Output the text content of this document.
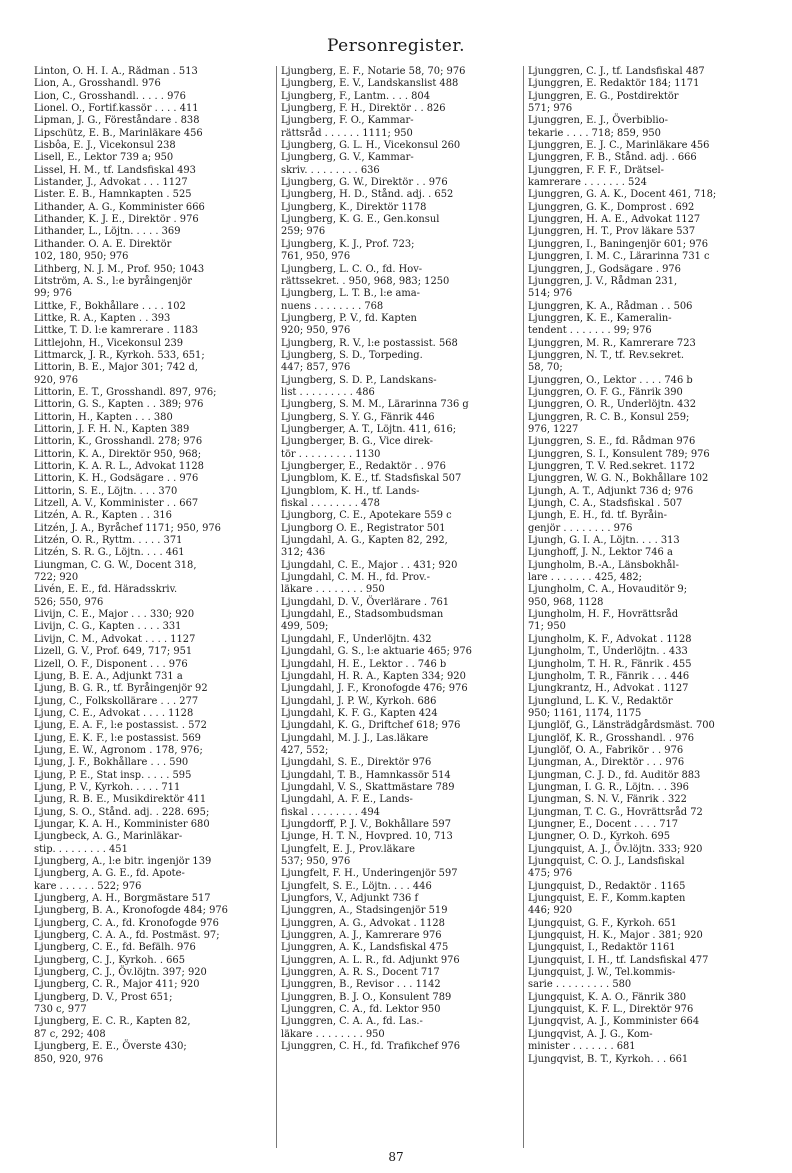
Personregister.
Linton, O. H. I. A., Rådman . 513
Lion, A., Grosshandl. 976
Lion, C., Grosshandl. . . . . 976
Lionel. O., Fortif.kassör . . . . 411
Lipman, J. G., Föreståndare . 838
Lipschütz, E. B., Marinläkare 456
Lisbôa, E. J., Vicekonsul 238
Lisell, E., Lektor 739 a; 950
Lissel, H. M., tf. Landsfiskal 493
Listander, J., Advokat . . . 1127
Lister. E. B., Hamnkapten . 525
Lithander, A. G., Komminister 666
Lithander, K. J. E., Direktör . 976
Lithander, L., Löjtn. . . . . 369
Lithander. O. A. E. Direktör
102, 180, 950; 976
Lithberg, N. J. M., Prof. 950; 1043
Litström, A. S., l:e byråingenjör
99; 976
Littke, F., Bokhållare . . . . 102
Littke, R. A., Kapten . . 393
Littke, T. D. l:e kamrerare . 1183
Littlejohn, H., Vicekonsul 239
Littmarck, J. R., Kyrkoh. 533, 651;
Littorin, B. E., Major 301; 742 d,
920, 976
Littorin, E. T., Grosshandl. 897, 976;
Littorin, G. S., Kapten . . 389; 976
Littorin, H., Kapten . . . 380
Littorin, J. F. H. N., Kapten 389
Littorin, K., Grosshandl. 278; 976
Littorin, K. A., Direktör 950, 968;
Littorin, K. A. R. L., Advokat 1128
Littorin, K. H., Godsägare . . 976
Littorin, S. E., Löjtn. . . . 370
Litzell, A. V., Komminister . . 667
Litzén, A. R., Kapten . . 316
Litzén, J. A., Byråchef 1171; 950, 976
Litzén, O. R., Ryttm. . . . . 371
Litzén, S. R. G., Löjtn. . . . 461
Liungman, C. G. W., Docent 318,
722; 920
Livén, E. E., fd. Häradsskriv.
526; 550, 976
Livijn, C. E., Major . . . 330; 920
Livijn, C. G., Kapten . . . . 331
Livijn, C. M., Advokat . . . . 1127
Lizell, G. V., Prof. 649, 717; 951
Lizell, O. F., Disponent . . . 976
Ljung, B. E. A., Adjunkt 731 a
Ljung, B. G. R., tf. Byråingenjör 92
Ljung, C., Folkskollärare . . . 277
Ljung, C. E., Advokat . . . . 1128
Ljung, E. A. F., l:e postassist. . 572
Ljung, E. K. F., l:e postassist. 569
Ljung, E. W., Agronom . 178, 976;
Ljung, J. F., Bokhållare . . . 590
Ljung, P. E., Stat insp. . . . . 595
Ljung, P. V., Kyrkoh. . . . . 711
Ljung, R. B. E., Musikdirektör 411
Ljung, S. O., Stånd. adj. . 228. 695;
Ljungar, K. A. H., Komminister 680
Ljungbeck, A. G., Marinläkar-
stip. . . . . . . . . 451
Ljungberg, A., l:e bitr. ingenjör 139
Ljungberg, A. G. E., fd. Apote-
kare . . . . . . 522; 976
Ljungberg, A. H., Borgmästare 517
Ljungberg, B. A., Kronofogde 484; 976
Ljungberg, C. A., fd. Kronofogde 976
Ljungberg, C. A. A., fd. Postmäst. 97;
Ljungberg, C. E., fd. Befälh. 976
Ljungberg, C. J., Kyrkoh. . 665
Ljungberg, C. J., Öv.löjtn. 397; 920
Ljungberg, C. R., Major 411; 920
Ljungberg, D. V., Prost 651;
730 c, 977
Ljungberg, E. C. R., Kapten 82,
87 c, 292; 408
Ljungberg, E. E., Överste 430;
850, 920, 976
Ljungberg, E. F., Notarie 58, 70; 976
Ljungberg, E. V., Landskanslist 488
Ljungberg, F., Lantm. . . . 804
Ljungberg, F. H., Direktör . . 826
Ljungberg, F. O., Kammar-
rättsråd . . . . . . 1111; 950
Ljungberg, G. L. H., Vicekonsul 260
Ljungberg, G. V., Kammar-
skriv. . . . . . . . . 636
Ljungberg, G. W., Direktör . . 976
Ljungberg, H. D., Stånd. adj. . 652
Ljungberg, K., Direktör 1178
Ljungberg, K. G. E., Gen.konsul
259; 976
Ljungberg, K. J., Prof. 723;
761, 950, 976
Ljungberg, L. C. O., fd. Hov-
rättssekret. . 950, 968, 983; 1250
Ljungberg, L. T. B., l:e ama-
nuens . . . . . . . . 768
Ljungberg, P. V., fd. Kapten
920; 950, 976
Ljungberg, R. V., l:e postassist. 568
Ljungberg, S. D., Torpeding.
447; 857, 976
Ljungberg, S. D. P., Landskans-
list . . . . . . . . . 486
Ljungberg, S. M. M., Lärarinna 736 g
Ljungberg, S. Y. G., Fänrik 446
Ljungberger, A. T., Löjtn. 411, 616;
Ljungberger, B. G., Vice direk-
tör . . . . . . . . . 1130
Ljungberger, E., Redaktör . . 976
Ljungblom, K. E., tf. Stadsfiskal 507
Ljungblom, K. H., tf. Lands-
fiskal . . . . . . . . 478
Ljungborg, C. E., Apotekare 559 c
Ljungborg O. E., Registrator 501
Ljungdahl, A. G., Kapten 82, 292,
312; 436
Ljungdahl, C. E., Major . . 431; 920
Ljungdahl, C. M. H., fd. Prov.-
läkare . . . . . . . . 950
Ljungdahl, D. V., Överlärare . 761
Ljungdahl, E., Stadsombudsman
499, 509;
Ljungdahl, F., Underlöjtn. 432
Ljungdahl, G. S., l:e aktuarie 465; 976
Ljungdahl, H. E., Lektor . . 746 b
Ljungdahl, H. R. A., Kapten 334; 920
Ljungdahl, J. F., Kronofogde 476; 976
Ljungdahl, J. P. W., Kyrkoh. 686
Ljungdahl, K. F. G., Kapten 424
Ljungdahl, K. G., Driftchef 618; 976
Ljungdahl, M. J. J., Las.läkare
427, 552;
Ljungdahl, S. E., Direktör 976
Ljungdahl, T. B., Hamnkassör 514
Ljungdahl, V. S., Skattmästare 789
Ljungdahl, A. F. E., Lands-
fiskal . . . . . . . . 494
Ljungdorff, P. J. V., Bokhållare 597
Ljunge, H. T. N., Hovpred. 10, 713
Ljungfelt, E. J., Prov.läkare
537; 950, 976
Ljungfelt, F. H., Underingenjör 597
Ljungfelt, S. E., Löjtn. . . . 446
Ljungfors, V., Adjunkt 736 f
Ljunggren, A., Stadsingenjör 519
Ljunggren, A. G., Advokat . 1128
Ljunggren, A. J., Kamrerare 976
Ljunggren, A. K., Landsfiskal 475
Ljunggren, A. L. R., fd. Adjunkt 976
Ljunggren, A. R. S., Docent 717
Ljunggren, B., Revisor . . . 1142
Ljunggren, B. J. O., Konsulent 789
Ljunggren, C. A., fd. Lektor 950
Ljunggren, C. A. A., fd. Las.-
läkare . . . . . . . . 950
Ljunggren, C. H., fd. Trafikchef 976
Ljunggren, C. J., tf. Landsfiskal 487
Ljunggren, E. Redaktör 184; 1171
Ljunggren, E. G., Postdirektör
571; 976
Ljunggren, E. J., Överbiblio-
tekarie . . . . 718; 859, 950
Ljunggren, E. J. C., Marinläkare 456
Ljunggren, F. B., Stånd. adj. . 666
Ljunggren, F. F. F., Drätsel-
kamrerare . . . . . . . 524
Ljunggren, G. A. K., Docent 461, 718;
Ljunggren, G. K., Domprost . 692
Ljunggren, H. A. E., Advokat 1127
Ljunggren, H. T., Prov läkare 537
Ljunggren, I., Baningenjör 601; 976
Ljunggren, I. M. C., Lärarinna 731 c
Ljunggren, J., Godsägare . 976
Ljunggren, J. V., Rådman 231,
514; 976
Ljunggren, K. A., Rådman . . 506
Ljunggren, K. E., Kameralin-
tendent . . . . . . . 99; 976
Ljunggren, M. R., Kamrerare 723
Ljunggren, N. T., tf. Rev.sekret.
58, 70;
Ljunggren, O., Lektor . . . . 746 b
Ljunggren, O. F. G., Fänrik 390
Ljunggren, O. R., Underlöjtn. 432
Ljunggren, R. C. B., Konsul 259;
976, 1227
Ljunggren, S. E., fd. Rådman 976
Ljunggren, S. I., Konsulent 789; 976
Ljunggren, T. V. Red.sekret. 1172
Ljunggren, W. G. N., Bokhållare 102
Ljungh, A. T., Adjunkt 736 d; 976
Ljungh, C. A., Stadsfiskal . 507
Ljungh, E. H., fd. tf. Byråin-
genjör . . . . . . . . 976
Ljungh, G. I. A., Löjtn. . . . 313
Ljunghoff, J. N., Lektor 746 a
Ljungholm, B.-A., Länsbokhål-
lare . . . . . . . 425, 482;
Ljungholm, C. A., Hovauditör 9;
950, 968, 1128
Ljungholm, H. F., Hovrättsråd
71; 950
Ljungholm, K. F., Advokat . 1128
Ljungholm, T., Underlöjtn. . 433
Ljungholm, T. H. R., Fänrik . 455
Ljungholm, T. R., Fänrik . . . 446
Ljungkrantz, H., Advokat . 1127
Ljunglund, L. K. V., Redaktör
950; 1161, 1174, 1175
Ljunglöf, G., Länsträdgårdsmäst. 700
Ljunglöf, K. R., Grosshandl. . 976
Ljunglöf, O. A., Fabrikör . . 976
Ljungman, A., Direktör . . . 976
Ljungman, C. J. D., fd. Auditör 883
Ljungman, I. G. R., Löjtn. . . 396
Ljungman, S. N. V., Fänrik . 322
Ljungman, T. C. G., Hovrättsråd 72
Ljungner, E., Docent . . . . 717
Ljungner, O. D., Kyrkoh. 695
Ljungquist, A. J., Öv.löjtn. 333; 920
Ljungquist, C. O. J., Landsfiskal
475; 976
Ljungquist, D., Redaktör . 1165
Ljungquist, E. F., Komm.kapten
446; 920
Ljungquist, G. F., Kyrkoh. 651
Ljungquist, H. K., Major . 381; 920
Ljungquist, I., Redaktör 1161
Ljungquist, I. H., tf. Landsfiskal 477
Ljungquist, J. W., Tel.kommis-
sarie . . . . . . . . . 580
Ljungquist, K. A. O., Fänrik 380
Ljungquist, K. F. L., Direktör 976
Ljungqvist, A. J., Komminister 664
Ljungqvist, A. J. G., Kom-
minister . . . . . . . 681
Ljungqvist, B. T., Kyrkoh. . . 661
87
